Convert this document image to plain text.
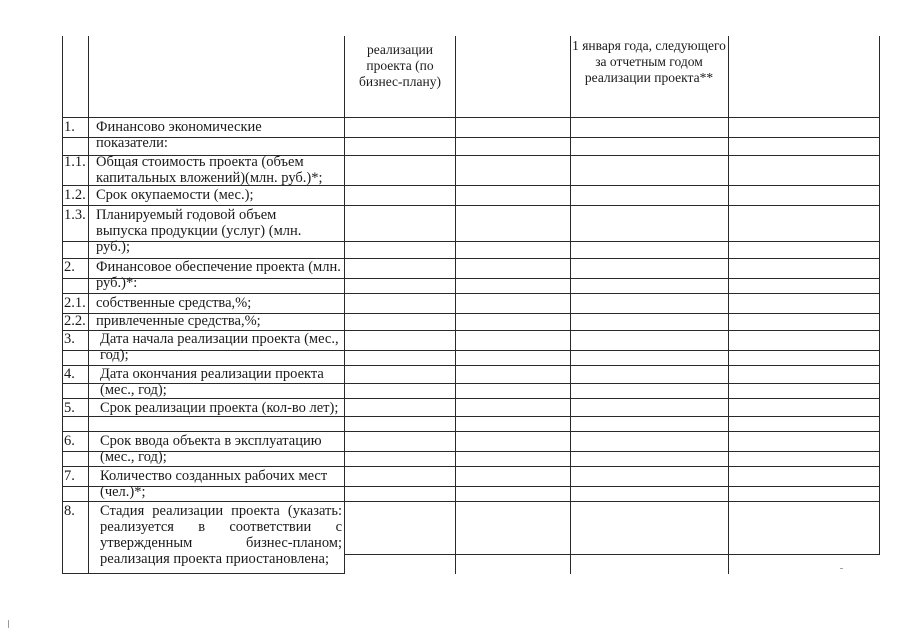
реализации проекта (по бизнес-плану)
1 января года, следующего за отчетным годом реализации проекта**
1.
1.1.
1.2.
1.3.
2.
2.1.
2.2.
3.
4.
5.
6.
7.
8.
Финансово экономические показатели:
Общая стоимость проекта (объем капитальных вложений)(млн. руб.)*;
Срок окупаемости (мес.);
Планируемый годовой объем выпуска продукции (услуг) (млн. руб.);
Финансовое обеспечение проекта (млн. руб.)*:
собственные средства,%;
привлеченные средства,%;
Дата начала реализации проекта (мес., год);
Дата окончания реализации проекта (мес., год);
Срок реализации проекта (кол-во лет);
Срок ввода объекта в эксплуатацию (мес., год);
Количество созданных рабочих мест (чел.)*;
Стадия реализации проекта (указать: реализуется в соответствии с утвержденным бизнес-планом; реализация проекта приостановлена;
